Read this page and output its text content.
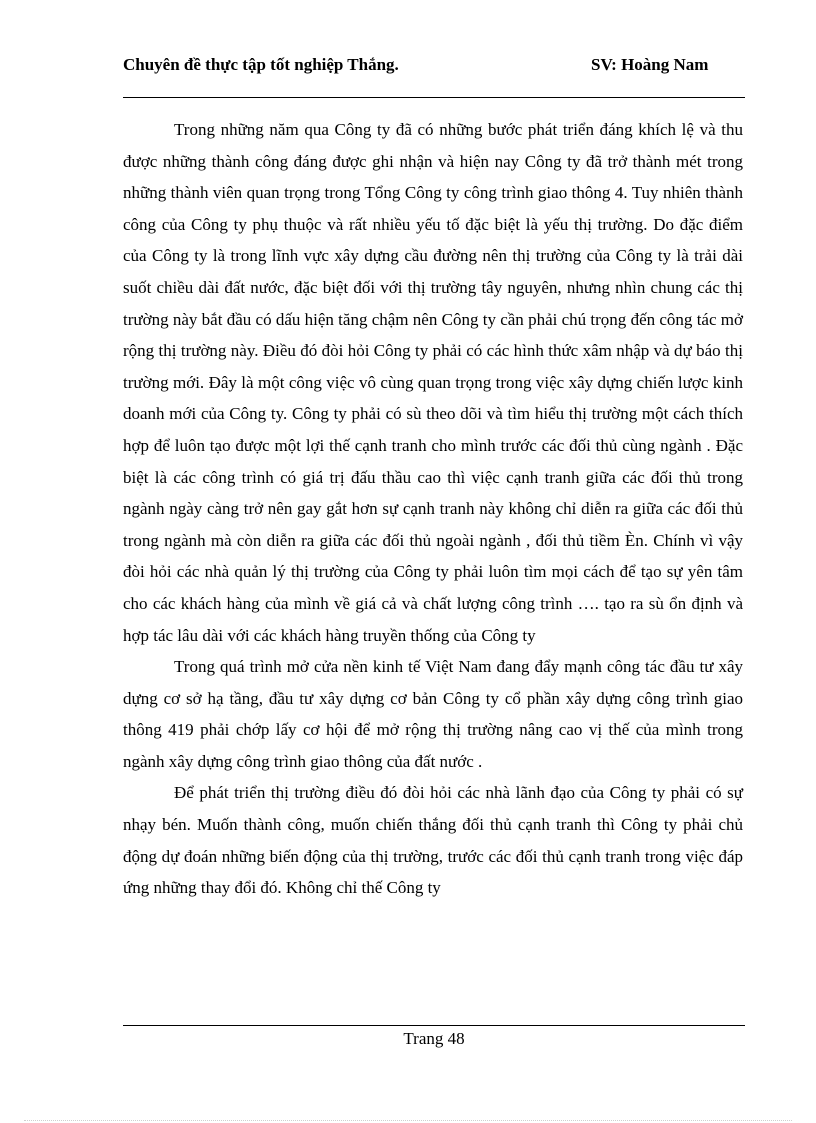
Chuyên đề thực tập tốt nghiệp Thắng.	SV: Hoàng Nam

Trong những năm qua Công ty đã có những bước phát triển đáng khích lệ và thu được những thành công đáng được ghi nhận và hiện nay Công ty đã trở thành mét trong những thành viên quan trọng trong Tổng Công ty công trình giao thông 4. Tuy nhiên thành công của Công ty phụ thuộc và rất nhiều yếu tố đặc biệt là yếu thị trường. Do đặc điểm của Công ty là trong lĩnh vực xây dựng cầu đường nên thị trường của Công ty là trải dài suốt chiều dài đất nước, đặc biệt đối với thị trường tây nguyên, nhưng nhìn chung các thị trường này bắt đầu có dấu hiện tăng chậm nên Công ty cần phải chú trọng đến công tác mở rộng thị trường này. Điều đó đòi hỏi Công ty phải có các hình thức xâm nhập và dự báo thị trường mới. Đây là một công việc vô cùng quan trọng trong việc xây dựng chiến lược kinh doanh mới của Công ty. Công ty phải có sù theo dõi và tìm hiểu thị trường một cách thích hợp để luôn tạo được một lợi thế cạnh tranh cho mình trước các đối thủ cùng ngành . Đặc biệt là các công trình có giá trị đấu thầu cao thì việc cạnh tranh giữa các đối thủ trong ngành ngày càng trở nên gay gắt hơn sự cạnh tranh này không chỉ diễn ra giữa các đối thủ trong ngành mà còn diễn ra giữa các đối thủ ngoài ngành , đối thủ tiềm Èn. Chính vì vậy đòi hỏi các nhà quản lý thị trường của Công ty phải luôn tìm mọi cách để tạo sự yên tâm cho các khách hàng của mình về giá cả và chất lượng công trình …. tạo ra sù ổn định và hợp tác lâu dài với các khách hàng truyền thống của Công ty

Trong quá trình mở cửa nền kinh tế Việt Nam đang đẩy mạnh công tác đầu tư xây dựng cơ sở hạ tầng, đầu tư xây dựng cơ bản Công ty cổ phần xây dựng công trình giao thông 419 phải chớp lấy cơ hội để mở rộng thị trường nâng cao vị thế của mình trong ngành xây dựng công trình giao thông của đất nước .

Để phát triển thị trường điều đó đòi hỏi các nhà lãnh đạo của Công ty phải có sự nhạy bén. Muốn thành công, muốn chiến thắng đối thủ cạnh tranh thì Công ty phải chủ động dự đoán những biến động của thị trường, trước các đối thủ cạnh tranh trong việc đáp ứng những thay đổi đó. Không chỉ thế Công ty

Trang 48
